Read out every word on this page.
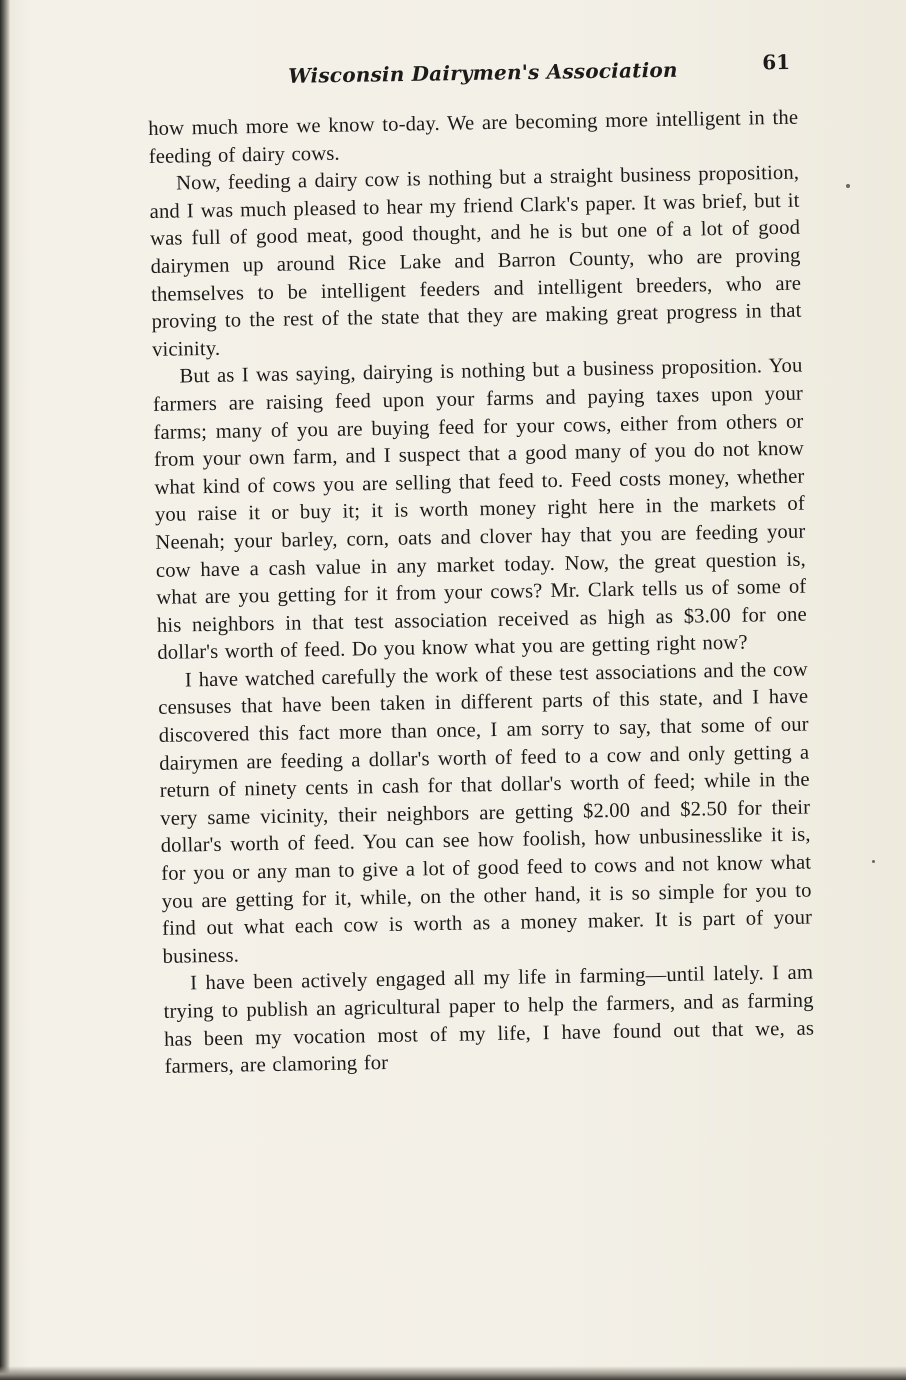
Wisconsin Dairymen's Association	61

how much more we know to-day. We are becoming more intelligent in the feeding of dairy cows.

Now, feeding a dairy cow is nothing but a straight business proposition, and I was much pleased to hear my friend Clark's paper. It was brief, but it was full of good meat, good thought, and he is but one of a lot of good dairymen up around Rice Lake and Barron County, who are proving themselves to be intelligent feeders and intelligent breeders, who are proving to the rest of the state that they are making great progress in that vicinity.

But as I was saying, dairying is nothing but a business proposition. You farmers are raising feed upon your farms and paying taxes upon your farms; many of you are buying feed for your cows, either from others or from your own farm, and I suspect that a good many of you do not know what kind of cows you are selling that feed to. Feed costs money, whether you raise it or buy it; it is worth money right here in the markets of Neenah; your barley, corn, oats and clover hay that you are feeding your cow have a cash value in any market today. Now, the great question is, what are you getting for it from your cows? Mr. Clark tells us of some of his neighbors in that test association received as high as $3.00 for one dollar's worth of feed. Do you know what you are getting right now?

I have watched carefully the work of these test associations and the cow censuses that have been taken in different parts of this state, and I have discovered this fact more than once, I am sorry to say, that some of our dairymen are feeding a dollar's worth of feed to a cow and only getting a return of ninety cents in cash for that dollar's worth of feed; while in the very same vicinity, their neighbors are getting $2.00 and $2.50 for their dollar's worth of feed. You can see how foolish, how unbusinesslike it is, for you or any man to give a lot of good feed to cows and not know what you are getting for it, while, on the other hand, it is so simple for you to find out what each cow is worth as a money maker. It is part of your business.

I have been actively engaged all my life in farming—until lately. I am trying to publish an agricultural paper to help the farmers, and as farming has been my vocation most of my life, I have found out that we, as farmers, are clamoring for
